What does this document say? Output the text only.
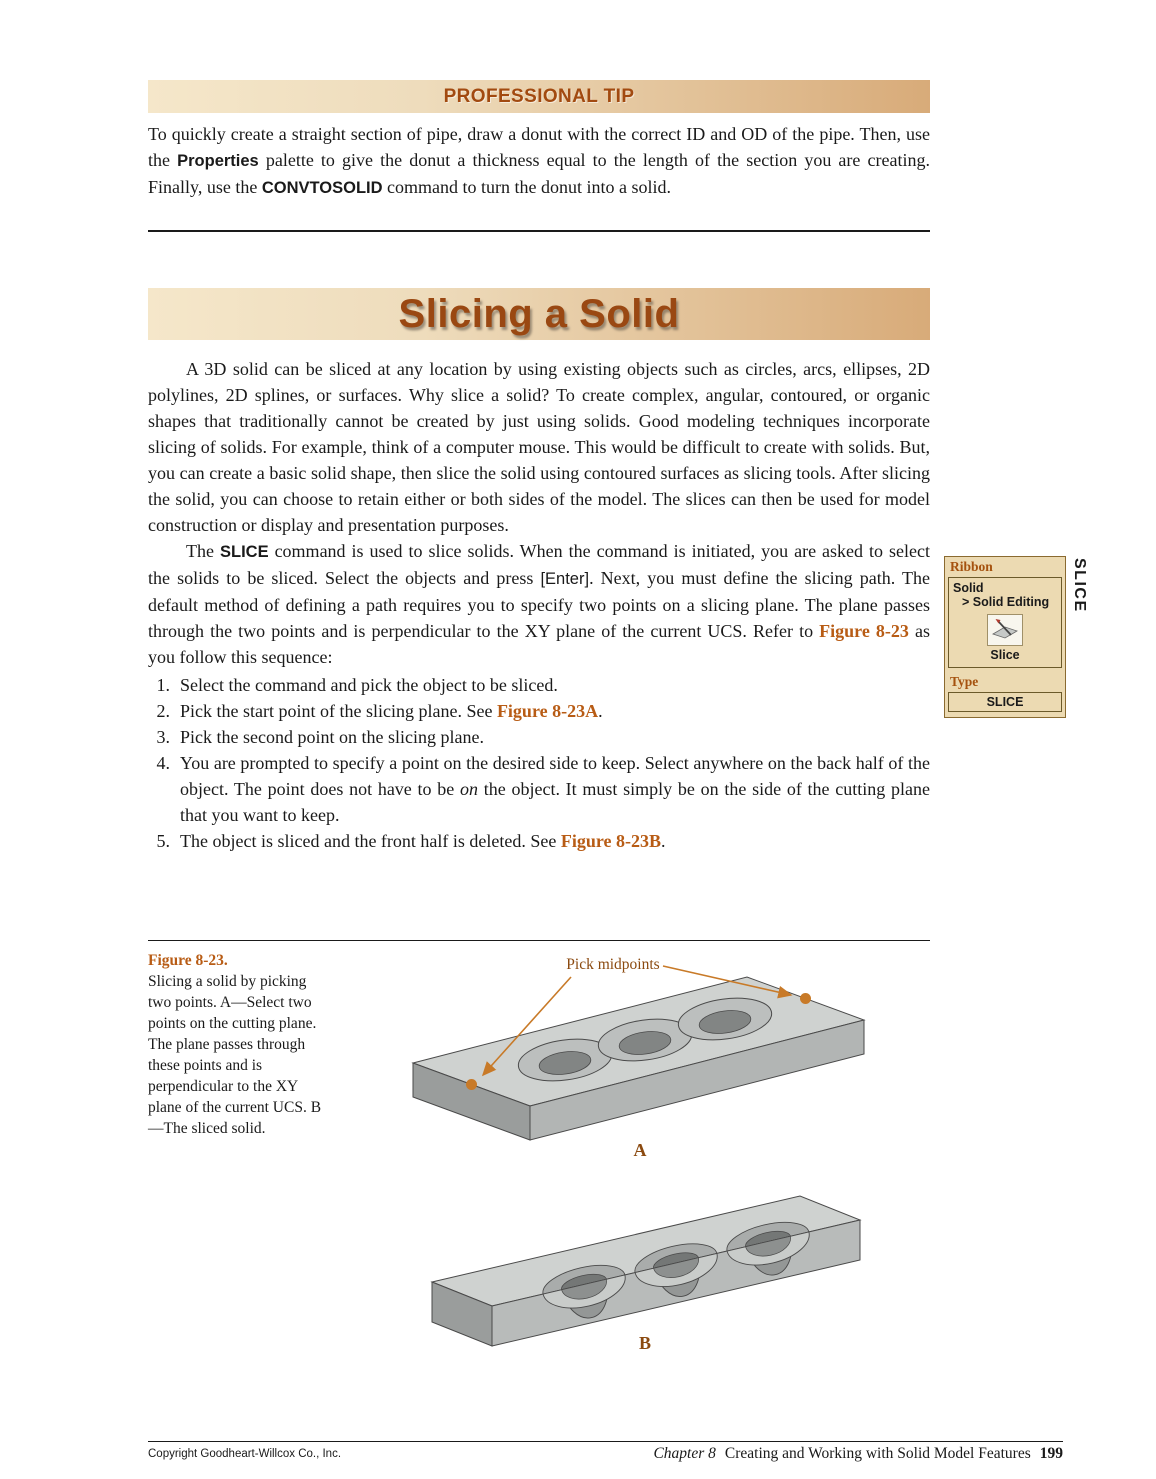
PROFESSIONAL TIP

To quickly create a straight section of pipe, draw a donut with the correct ID and OD of the pipe. Then, use the Properties palette to give the donut a thickness equal to the length of the section you are creating. Finally, use the CONVTOSOLID command to turn the donut into a solid.

Slicing a Solid

A 3D solid can be sliced at any location by using existing objects such as circles, arcs, ellipses, 2D polylines, 2D splines, or surfaces. Why slice a solid? To create complex, angular, contoured, or organic shapes that traditionally cannot be created by just using solids. Good modeling techniques incorporate slicing of solids. For example, think of a computer mouse. This would be difficult to create with solids. But, you can create a basic solid shape, then slice the solid using contoured surfaces as slicing tools. After slicing the solid, you can choose to retain either or both sides of the model. The slices can then be used for model construction or display and presentation purposes.

The SLICE command is used to slice solids. When the command is initiated, you are asked to select the solids to be sliced. Select the objects and press [Enter]. Next, you must define the slicing path. The default method of defining a path requires you to specify two points on a slicing plane. The plane passes through the two points and is perpendicular to the XY plane of the current UCS. Refer to Figure 8-23 as you follow this sequence:

1. Select the command and pick the object to be sliced.
2. Pick the start point of the slicing plane. See Figure 8-23A.
3. Pick the second point on the slicing plane.
4. You are prompted to specify a point on the desired side to keep. Select anywhere on the back half of the object. The point does not have to be on the object. It must simply be on the side of the cutting plane that you want to keep.
5. The object is sliced and the front half is deleted. See Figure 8-23B.
Ribbon
Solid
> Solid Editing
Slice
Type
SLICE
SLICE
Figure 8-23.
Slicing a solid by picking two points. A—Select two points on the cutting plane. The plane passes through these points and is perpendicular to the XY plane of the current UCS. B—The sliced solid.
Pick midpoints
A
B
Copyright Goodheart-Willcox Co., Inc.	Chapter 8 Creating and Working with Solid Model Features 199
